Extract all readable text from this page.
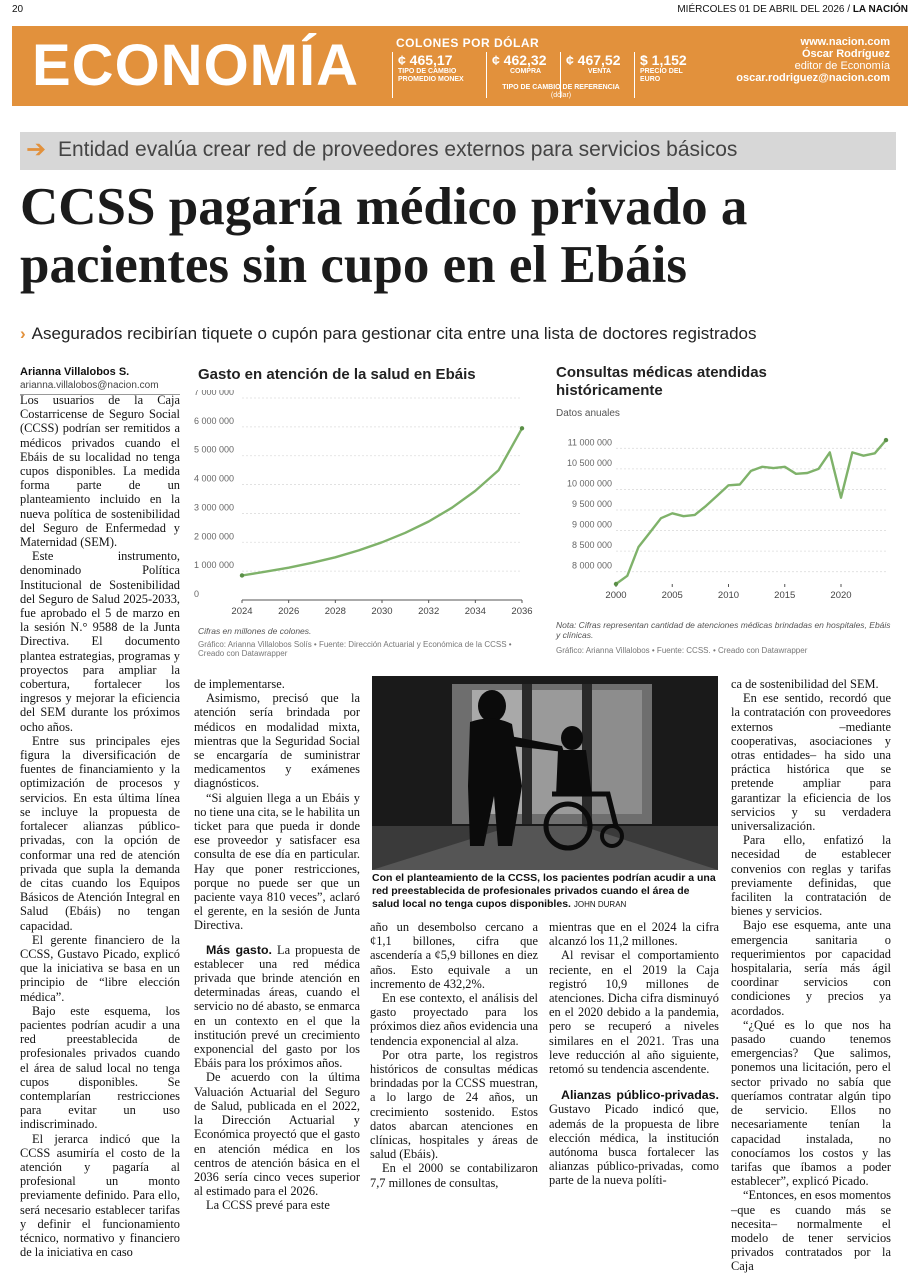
20	MIÉRCOLES 01 DE ABRIL DEL 2026 / LA NACIÓN
ECONOMÍA	COLONES POR DÓLAR
¢ 465,17
TIPO DE CAMBIO PROMEDIO MONEX
¢ 462,32
COMPRA
¢ 467,52
VENTA
$ 1,152
PRECIO DEL EURO
TIPO DE CAMBIO DE REFERENCIA
(dólar)
www.nacion.com
Óscar Rodríguez
editor de Economía
oscar.rodriguez@nacion.com
➔ Entidad evalúa crear red de proveedores externos para servicios básicos
CCSS pagaría médico privado a
pacientes sin cupo en el Ebáis
› Asegurados recibirían tiquete o cupón para gestionar cita entre una lista de doctores registrados
Arianna Villalobos S.
arianna.villalobos@nacion.com

Los usuarios de la Caja Costarricense de Seguro Social (CCSS) podrían ser remitidos a médicos privados cuando el Ebáis de su localidad no tenga cupos disponibles. La medida forma parte de un planteamiento incluido en la nueva política de sostenibilidad del Seguro de Enfermedad y Maternidad (SEM).

Este instrumento, denominado Política Institucional de Sostenibilidad del Seguro de Salud 2025-2033, fue aprobado el 5 de marzo en la sesión N.° 9588 de la Junta Directiva. El documento plantea estrategias, programas y proyectos para ampliar la cobertura, fortalecer los ingresos y mejorar la eficiencia del SEM durante los próximos ocho años.

Entre sus principales ejes figura la diversificación de fuentes de financiamiento y la optimización de procesos y servicios. En esta última línea se incluye la propuesta de fortalecer alianzas público-privadas, con la opción de conformar una red de atención privada que supla la demanda de citas cuando los Equipos Básicos de Atención Integral en Salud (Ebáis) no tengan capacidad.

El gerente financiero de la CCSS, Gustavo Picado, explicó que la iniciativa se basa en un principio de “libre elección médica”.

Bajo este esquema, los pacientes podrían acudir a una red preestablecida de profesionales privados cuando el área de salud local no tenga cupos disponibles. Se contemplarían restricciones para evitar un uso indiscriminado.

El jerarca indicó que la CCSS asumiría el costo de la atención y pagaría al profesional un monto previamente definido. Para ello, será necesario establecer tarifas y definir el funcionamiento técnico, normativo y financiero de la iniciativa en caso

Gasto en atención de la salud en Ebáis
0
1 000 000
2 000 000
3 000 000
4 000 000
5 000 000
6 000 000
7 000 000
2024	2026	2028	2030	2032	2034	2036
Cifras en millones de colones.
Gráfico: Arianna Villalobos Solís • Fuente: Dirección Actuarial y Económica de la CCSS • Creado con Datawrapper
Consultas médicas atendidas históricamente
Datos anuales
8 000 000
8 500 000
9 000 000
9 500 000
10 000 000
10 500 000
11 000 000
2000	2005	2010	2015	2020
Nota: Cifras representan cantidad de atenciones médicas brindadas en hospitales, Ebáis y clínicas.
Gráfico: Arianna Villalobos • Fuente: CCSS. • Creado con Datawrapper

de implementarse.

Asimismo, precisó que la atención sería brindada por médicos en modalidad mixta, mientras que la Seguridad Social se encargaría de suministrar medicamentos y exámenes diagnósticos.

“Si alguien llega a un Ebáis y no tiene una cita, se le habilita un ticket para que pueda ir donde ese proveedor y satisfacer esa consulta de ese día en particular. Hay que poner restricciones, porque no puede ser que un paciente vaya 810 veces”, aclaró el gerente, en la sesión de Junta Directiva.

Más gasto. La propuesta de establecer una red médica privada que brinde atención en determinadas áreas, cuando el servicio no dé abasto, se enmarca en un contexto en el que la institución prevé un crecimiento exponencial del gasto por los Ebáis para los próximos años.

De acuerdo con la última Valuación Actuarial del Seguro de Salud, publicada en el 2022, la Dirección Actuarial y Económica proyectó que el gasto en atención médica en los centros de atención básica en el 2036 sería cinco veces superior al estimado para el 2026.

La CCSS prevé para este

Con el planteamiento de la CCSS, los pacientes podrían acudir a una red preestablecida de profesionales privados cuando el área de salud local no tenga cupos disponibles. JOHN DURAN

año un desembolso cercano a ¢1,1 billones, cifra que ascendería a ¢5,9 billones en diez años. Esto equivale a un incremento de 432,2%.

En ese contexto, el análisis del gasto proyectado para los próximos diez años evidencia una tendencia exponencial al alza.

Por otra parte, los registros históricos de consultas médicas brindadas por la CCSS muestran, a lo largo de 24 años, un crecimiento sostenido. Estos datos abarcan atenciones en clínicas, hospitales y áreas de salud (Ebáis).

En el 2000 se contabilizaron 7,7 millones de consultas,

mientras que en el 2024 la cifra alcanzó los 11,2 millones.

Al revisar el comportamiento reciente, en el 2019 la Caja registró 10,9 millones de atenciones. Dicha cifra disminuyó en el 2020 debido a la pandemia, pero se recuperó a niveles similares en el 2021. Tras una leve reducción al año siguiente, retomó su tendencia ascendente.

Alianzas público-privadas. Gustavo Picado indicó que, además de la propuesta de libre elección médica, la institución autónoma busca fortalecer las alianzas público-privadas, como parte de la nueva políti-

ca de sostenibilidad del SEM.

En ese sentido, recordó que la contratación con proveedores externos –mediante cooperativas, asociaciones y otras entidades– ha sido una práctica histórica que se pretende ampliar para garantizar la eficiencia de los servicios y su verdadera universalización.

Para ello, enfatizó la necesidad de establecer convenios con reglas y tarifas previamente definidas, que faciliten la contratación de bienes y servicios.

Bajo ese esquema, ante una emergencia sanitaria o requerimientos por capacidad hospitalaria, sería más ágil coordinar servicios con condiciones y precios ya acordados.

“¿Qué es lo que nos ha pasado cuando tenemos emergencias? Que salimos, ponemos una licitación, pero el sector privado no sabía que queríamos contratar algún tipo de servicio. Ellos no necesariamente tenían la capacidad instalada, no conocíamos los costos y las tarifas que íbamos a poder establecer”, explicó Picado.

“Entonces, en esos momentos –que es cuando más se necesita– normalmente el modelo de tener servicios privados contratados por la Caja
